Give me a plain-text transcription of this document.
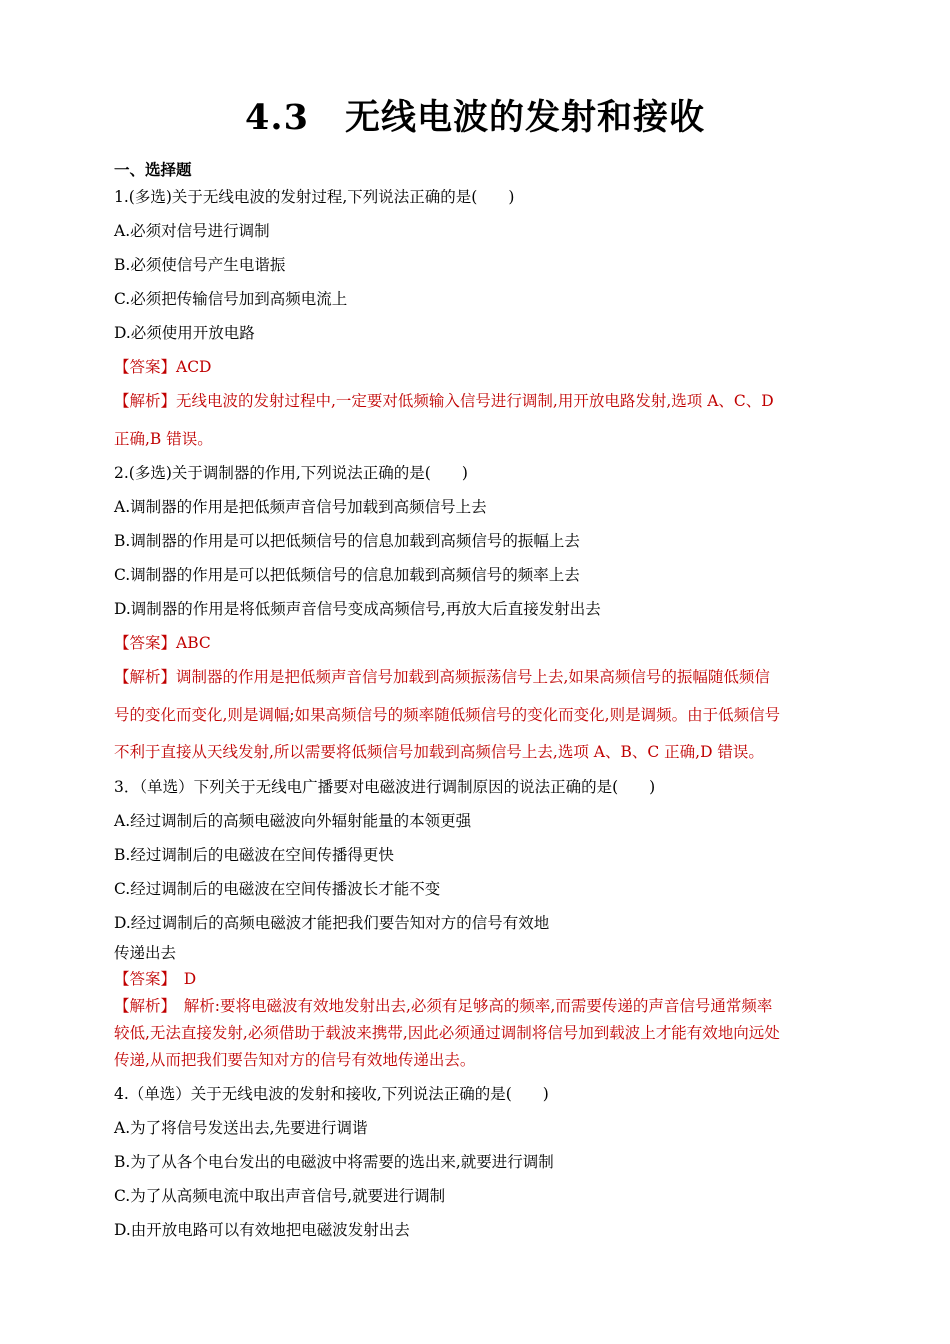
4.3　无线电波的发射和接收
一、选择题
1.(多选)关于无线电波的发射过程,下列说法正确的是(　　)
A.必须对信号进行调制
B.必须使信号产生电谐振
C.必须把传输信号加到高频电流上
D.必须使用开放电路
【答案】ACD
【解析】无线电波的发射过程中,一定要对低频输入信号进行调制,用开放电路发射,选项 A、C、D
正确,B 错误。
2.(多选)关于调制器的作用,下列说法正确的是(　　)
A.调制器的作用是把低频声音信号加载到高频信号上去
B.调制器的作用是可以把低频信号的信息加载到高频信号的振幅上去
C.调制器的作用是可以把低频信号的信息加载到高频信号的频率上去
D.调制器的作用是将低频声音信号变成高频信号,再放大后直接发射出去
【答案】ABC
【解析】调制器的作用是把低频声音信号加载到高频振荡信号上去,如果高频信号的振幅随低频信
号的变化而变化,则是调幅;如果高频信号的频率随低频信号的变化而变化,则是调频。由于低频信号
不利于直接从天线发射,所以需要将低频信号加载到高频信号上去,选项 A、B、C 正确,D 错误。
3．（单选）下列关于无线电广播要对电磁波进行调制原因的说法正确的是(　　)
A.经过调制后的高频电磁波向外辐射能量的本领更强
B.经过调制后的电磁波在空间传播得更快
C.经过调制后的电磁波在空间传播波长才能不变
D.经过调制后的高频电磁波才能把我们要告知对方的信号有效地
传递出去
【答案】　D
【解析】　解析:要将电磁波有效地发射出去,必须有足够高的频率,而需要传递的声音信号通常频率
较低,无法直接发射,必须借助于载波来携带,因此必须通过调制将信号加到载波上才能有效地向远处
传递,从而把我们要告知对方的信号有效地传递出去。
4.（单选）关于无线电波的发射和接收,下列说法正确的是(　　)
A.为了将信号发送出去,先要进行调谐
B.为了从各个电台发出的电磁波中将需要的选出来,就要进行调制
C.为了从高频电流中取出声音信号,就要进行调制
D.由开放电路可以有效地把电磁波发射出去
